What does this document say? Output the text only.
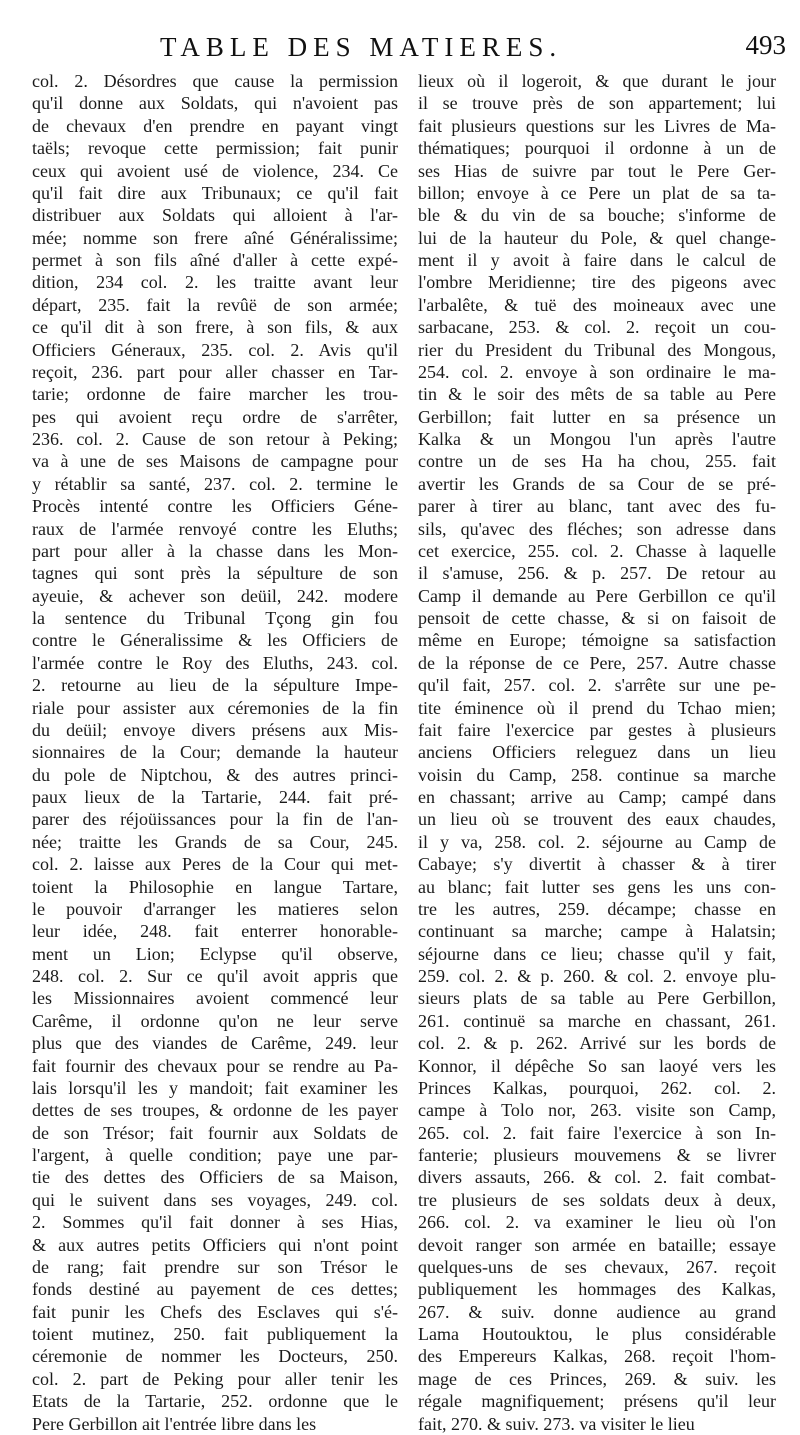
TABLE DES MATIERES.	493
col. 2. Désordres que cause la permission
qu'il donne aux Soldats, qui n'avoient pas
de chevaux d'en prendre en payant vingt
taëls; revoque cette permission; fait punir
ceux qui avoient usé de violence, 234. Ce
qu'il fait dire aux Tribunaux; ce qu'il fait
distribuer aux Soldats qui alloient à l'ar-
mée; nomme son frere aîné Généralissime;
permet à son fils aîné d'aller à cette expé-
dition, 234 col. 2. les traitte avant leur
départ, 235. fait la revûë de son armée;
ce qu'il dit à son frere, à son fils, & aux
Officiers Géneraux, 235. col. 2. Avis qu'il
reçoit, 236. part pour aller chasser en Tar-
tarie; ordonne de faire marcher les trou-
pes qui avoient reçu ordre de s'arrêter,
236. col. 2. Cause de son retour à Peking;
va à une de ses Maisons de campagne pour
y rétablir sa santé, 237. col. 2. termine le
Procès intenté contre les Officiers Géne-
raux de l'armée renvoyé contre les Eluths;
part pour aller à la chasse dans les Mon-
tagnes qui sont près la sépulture de son
ayeuie, & achever son deüil, 242. modere
la sentence du Tribunal Tçong gin fou
contre le Géneralissime & les Officiers de
l'armée contre le Roy des Eluths, 243. col.
2. retourne au lieu de la sépulture Impe-
riale pour assister aux céremonies de la fin
du deüil; envoye divers présens aux Mis-
sionnaires de la Cour; demande la hauteur
du pole de Niptchou, & des autres princi-
paux lieux de la Tartarie, 244. fait pré-
parer des réjoüissances pour la fin de l'an-
née; traitte les Grands de sa Cour, 245.
col. 2. laisse aux Peres de la Cour qui met-
toient la Philosophie en langue Tartare,
le pouvoir d'arranger les matieres selon
leur idée, 248. fait enterrer honorable-
ment un Lion; Eclypse qu'il observe,
248. col. 2. Sur ce qu'il avoit appris que
les Missionnaires avoient commencé leur
Carême, il ordonne qu'on ne leur serve
plus que des viandes de Carême, 249. leur
fait fournir des chevaux pour se rendre au Pa-
lais lorsqu'il les y mandoit; fait examiner les
dettes de ses troupes, & ordonne de les payer
de son Trésor; fait fournir aux Soldats de
l'argent, à quelle condition; paye une par-
tie des dettes des Officiers de sa Maison,
qui le suivent dans ses voyages, 249. col.
2. Sommes qu'il fait donner à ses Hias,
& aux autres petits Officiers qui n'ont point
de rang; fait prendre sur son Trésor le
fonds destiné au payement de ces dettes;
fait punir les Chefs des Esclaves qui s'é-
toient mutinez, 250. fait publiquement la
céremonie de nommer les Docteurs, 250.
col. 2. part de Peking pour aller tenir les
Etats de la Tartarie, 252. ordonne que le
Pere Gerbillon ait l'entrée libre dans les
lieux où il logeroit, & que durant le jour
il se trouve près de son appartement; lui
fait plusieurs questions sur les Livres de Ma-
thématiques; pourquoi il ordonne à un de
ses Hias de suivre par tout le Pere Ger-
billon; envoye à ce Pere un plat de sa ta-
ble & du vin de sa bouche; s'informe de
lui de la hauteur du Pole, & quel change-
ment il y avoit à faire dans le calcul de
l'ombre Meridienne; tire des pigeons avec
l'arbalête, & tuë des moineaux avec une
sarbacane, 253. & col. 2. reçoit un cou-
rier du President du Tribunal des Mongous,
254. col. 2. envoye à son ordinaire le ma-
tin & le soir des mêts de sa table au Pere
Gerbillon; fait lutter en sa présence un
Kalka & un Mongou l'un après l'autre
contre un de ses Ha ha chou, 255. fait
avertir les Grands de sa Cour de se pré-
parer à tirer au blanc, tant avec des fu-
sils, qu'avec des fléches; son adresse dans
cet exercice, 255. col. 2. Chasse à laquelle
il s'amuse, 256. & p. 257. De retour au
Camp il demande au Pere Gerbillon ce qu'il
pensoit de cette chasse, & si on faisoit de
même en Europe; témoigne sa satisfaction
de la réponse de ce Pere, 257. Autre chasse
qu'il fait, 257. col. 2. s'arrête sur une pe-
tite éminence où il prend du Tchao mien;
fait faire l'exercice par gestes à plusieurs
anciens Officiers releguez dans un lieu
voisin du Camp, 258. continue sa marche
en chassant; arrive au Camp; campé dans
un lieu où se trouvent des eaux chaudes,
il y va, 258. col. 2. séjourne au Camp de
Cabaye; s'y divertit à chasser & à tirer
au blanc; fait lutter ses gens les uns con-
tre les autres, 259. décampe; chasse en
continuant sa marche; campe à Halatsin;
séjourne dans ce lieu; chasse qu'il y fait,
259. col. 2. & p. 260. & col. 2. envoye plu-
sieurs plats de sa table au Pere Gerbillon,
261. continuë sa marche en chassant, 261.
col. 2. & p. 262. Arrivé sur les bords de
Konnor, il dépêche So san laoyé vers les
Princes Kalkas, pourquoi, 262. col. 2.
campe à Tolo nor, 263. visite son Camp,
265. col. 2. fait faire l'exercice à son In-
fanterie; plusieurs mouvemens & se livrer
divers assauts, 266. & col. 2. fait combat-
tre plusieurs de ses soldats deux à deux,
266. col. 2. va examiner le lieu où l'on
devoit ranger son armée en bataille; essaye
quelques-uns de ses chevaux, 267. reçoit
publiquement les hommages des Kalkas,
267. & suiv. donne audience au grand
Lama Houtouktou, le plus considérable
des Empereurs Kalkas, 268. reçoit l'hom-
mage de ces Princes, 269. & suiv. les
régale magnifiquement; présens qu'il leur
fait, 270. & suiv. 273. va visiter le lieu
